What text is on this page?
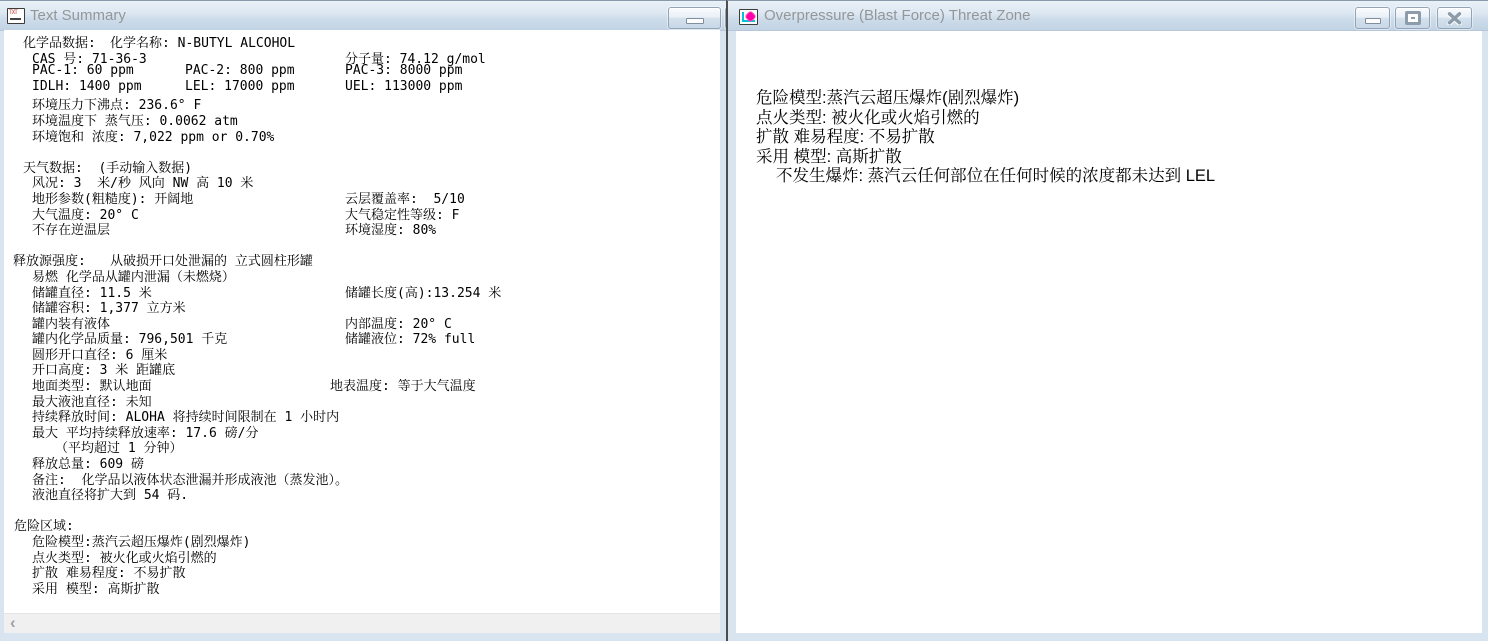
TXT Text Summary
化学品数据: 化学名称: N-BUTYL ALCOHOL
CAS 号: 71-36-3	分子量: 74.12 g/mol
PAC-1: 60 ppm	PAC-2: 800 ppm	PAC-3: 8000 ppm
IDLH: 1400 ppm	LEL: 17000 ppm	UEL: 113000 ppm
环境压力下沸点: 236.6° F
环境温度下 蒸气压: 0.0062 atm
环境饱和 浓度: 7,022 ppm or 0.70%
天气数据:  (手动输入数据)
风况: 3  米/秒 风向 NW 高 10 米
地形参数(粗糙度): 开阔地	云层覆盖率:  5/10
大气温度: 20° C	大气稳定性等级: F
不存在逆温层	环境湿度: 80%
释放源强度: 从破损开口处泄漏的 立式圆柱形罐
易燃 化学品从罐内泄漏（未燃烧）
储罐直径: 11.5 米	储罐长度(高):13.254 米
储罐容积: 1,377 立方米
罐内装有液体	内部温度: 20° C
罐内化学品质量: 796,501 千克	储罐液位: 72% full
圆形开口直径: 6 厘米
开口高度: 3 米 距罐底
地面类型: 默认地面	地表温度: 等于大气温度
最大液池直径: 未知
持续释放时间: ALOHA 将持续时间限制在 1 小时内
最大 平均持续释放速率: 17.6 磅/分
（平均超过 1 分钟）
释放总量: 609 磅
备注:  化学品以液体状态泄漏并形成液池（蒸发池）。
液池直径将扩大到 54 码.
危险区域:
危险模型:蒸汽云超压爆炸(剧烈爆炸)
点火类型: 被火化或火焰引燃的
扩散 难易程度: 不易扩散
采用 模型: 高斯扩散
‹
Overpressure (Blast Force) Threat Zone
危险模型:蒸汽云超压爆炸(剧烈爆炸)
点火类型: 被火化或火焰引燃的
扩散 难易程度: 不易扩散
采用 模型: 高斯扩散
不发生爆炸: 蒸汽云任何部位在任何时候的浓度都未达到 LEL
